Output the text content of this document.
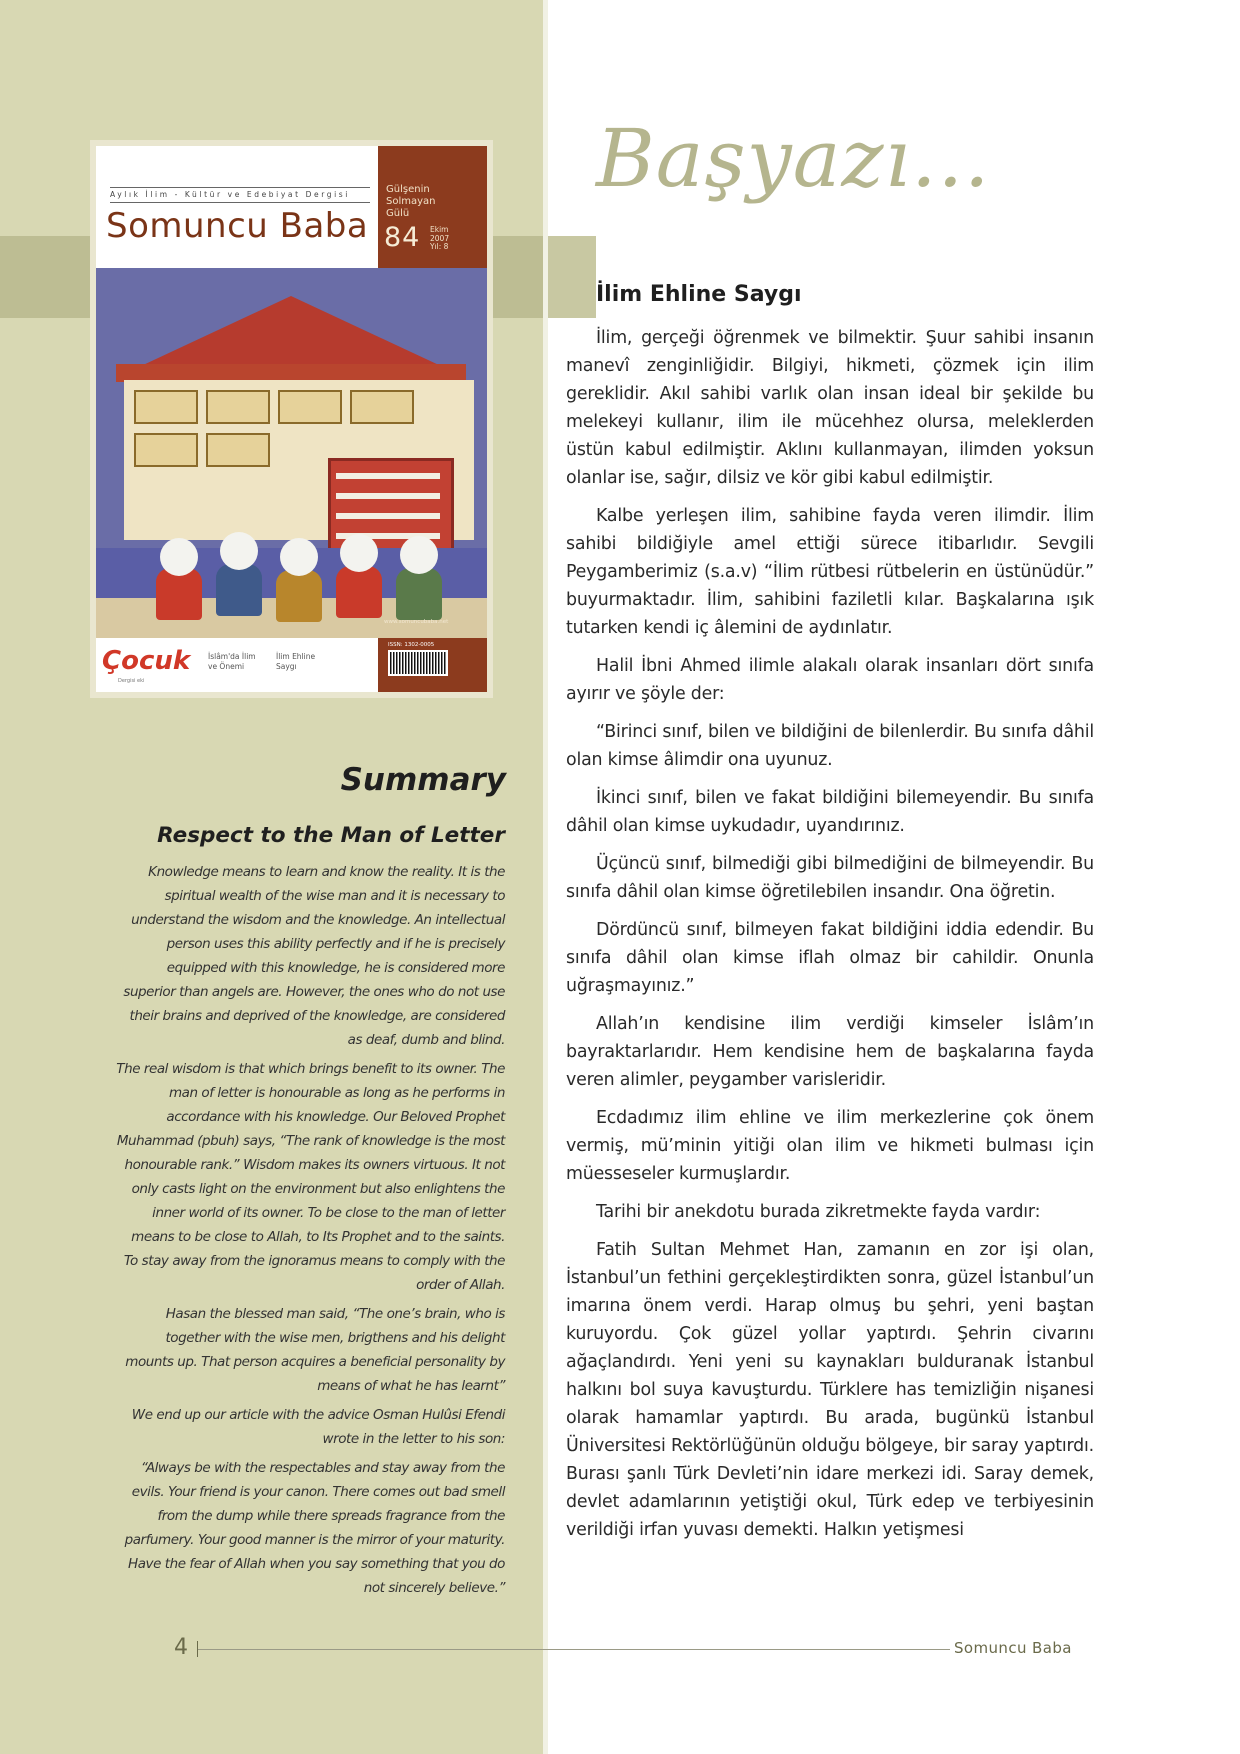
Aylık İlim - Kültür ve Edebiyat Dergisi
Somuncu Baba
Gülşenin
Solmayan
Gülü
84 Ekim
2007
Yıl: 8
Çocuk
Dergisi eki
İslâm'da İlim
ve Önemi
İlim Ehline
Saygı
ISSN: 1302-0005
www.somuncubaba.net
Summary
Respect to the Man of Letter

Knowledge means to learn and know the reality. It is the spiritual wealth of the wise man and it is necessary to understand the wisdom and the knowledge. An intellectual person uses this ability perfectly and if he is precisely equipped with this knowledge, he is considered more superior than angels are. However, the ones who do not use their brains and deprived of the knowledge, are considered as deaf, dumb and blind.

The real wisdom is that which brings benefit to its owner. The man of letter is honourable as long as he performs in accordance with his knowledge. Our Beloved Prophet Muhammad (pbuh) says, “The rank of knowledge is the most honourable rank.” Wisdom makes its owners virtuous. It not only casts light on the environment but also enlightens the inner world of its owner. To be close to the man of letter means to be close to Allah, to Its Prophet and to the saints. To stay away from the ignoramus means to comply with the order of Allah.

Hasan the blessed man said, “The one’s brain, who is together with the wise men, brigthens and his delight mounts up. That person acquires a beneficial personality by means of what he has learnt”

We end up our article with the advice Osman Hulûsi Efendi wrote in the letter to his son:

“Always be with the respectables and stay away from the evils. Your friend is your canon. There comes out bad smell from the dump while there spreads fragrance from the parfumery. Your good manner is the mirror of your maturity. Have the fear of Allah when you say something that you do not sincerely believe.”

Başyazı...
İlim Ehline Saygı

İlim, gerçeği öğrenmek ve bilmektir. Şuur sahibi insanın manevî zenginliğidir. Bilgiyi, hikmeti, çözmek için ilim gereklidir. Akıl sahibi varlık olan insan ideal bir şekilde bu melekeyi kullanır, ilim ile mücehhez olursa, meleklerden üstün kabul edilmiştir. Aklını kullanmayan, ilimden yoksun olanlar ise, sağır, dilsiz ve kör gibi kabul edilmiştir.

Kalbe yerleşen ilim, sahibine fayda veren ilimdir. İlim sahibi bildiğiyle amel ettiği sürece itibarlıdır. Sevgili Peygamberimiz (s.a.v) “İlim rütbesi rütbelerin en üstünüdür.” buyurmaktadır. İlim, sahibini faziletli kılar. Başkalarına ışık tutarken kendi iç âlemini de aydınlatır.

Halil İbni Ahmed ilimle alakalı olarak insanları dört sınıfa ayırır ve şöyle der:

“Birinci sınıf, bilen ve bildiğini de bilenlerdir. Bu sınıfa dâhil olan kimse âlimdir ona uyunuz.

İkinci sınıf, bilen ve fakat bildiğini bilemeyendir. Bu sınıfa dâhil olan kimse uykudadır, uyandırınız.

Üçüncü sınıf, bilmediği gibi bilmediğini de bilmeyendir. Bu sınıfa dâhil olan kimse öğretilebilen insandır. Ona öğretin.

Dördüncü sınıf, bilmeyen fakat bildiğini iddia edendir. Bu sınıfa dâhil olan kimse iflah olmaz bir cahildir. Onunla uğraşmayınız.”

Allah’ın kendisine ilim verdiği kimseler İslâm’ın bayraktarlarıdır. Hem kendisine hem de başkalarına fayda veren alimler, peygamber varisleridir.

Ecdadımız ilim ehline ve ilim merkezlerine çok önem vermiş, mü’minin yitiği olan ilim ve hikmeti bulması için müesseseler kurmuşlardır.

Tarihi bir anekdotu burada zikretmekte fayda vardır:

Fatih Sultan Mehmet Han, zamanın en zor işi olan, İstanbul’un fethini gerçekleştirdikten sonra, güzel İstanbul’un imarına önem verdi. Harap olmuş bu şehri, yeni baştan kuruyordu. Çok güzel yollar yaptırdı. Şehrin civarını ağaçlandırdı. Yeni yeni su kaynakları bulduranak İstanbul halkını bol suya kavuşturdu. Türklere has temizliğin nişanesi olarak hamamlar yaptırdı. Bu arada, bugünkü İstanbul Üniversitesi Rektörlüğünün olduğu bölgeye, bir saray yaptırdı. Burası şanlı Türk Devleti’nin idare merkezi idi. Saray demek, devlet adamlarının yetiştiği okul, Türk edep ve terbiyesinin verildiği irfan yuvası demekti. Halkın yetişmesi

4	Somuncu Baba
